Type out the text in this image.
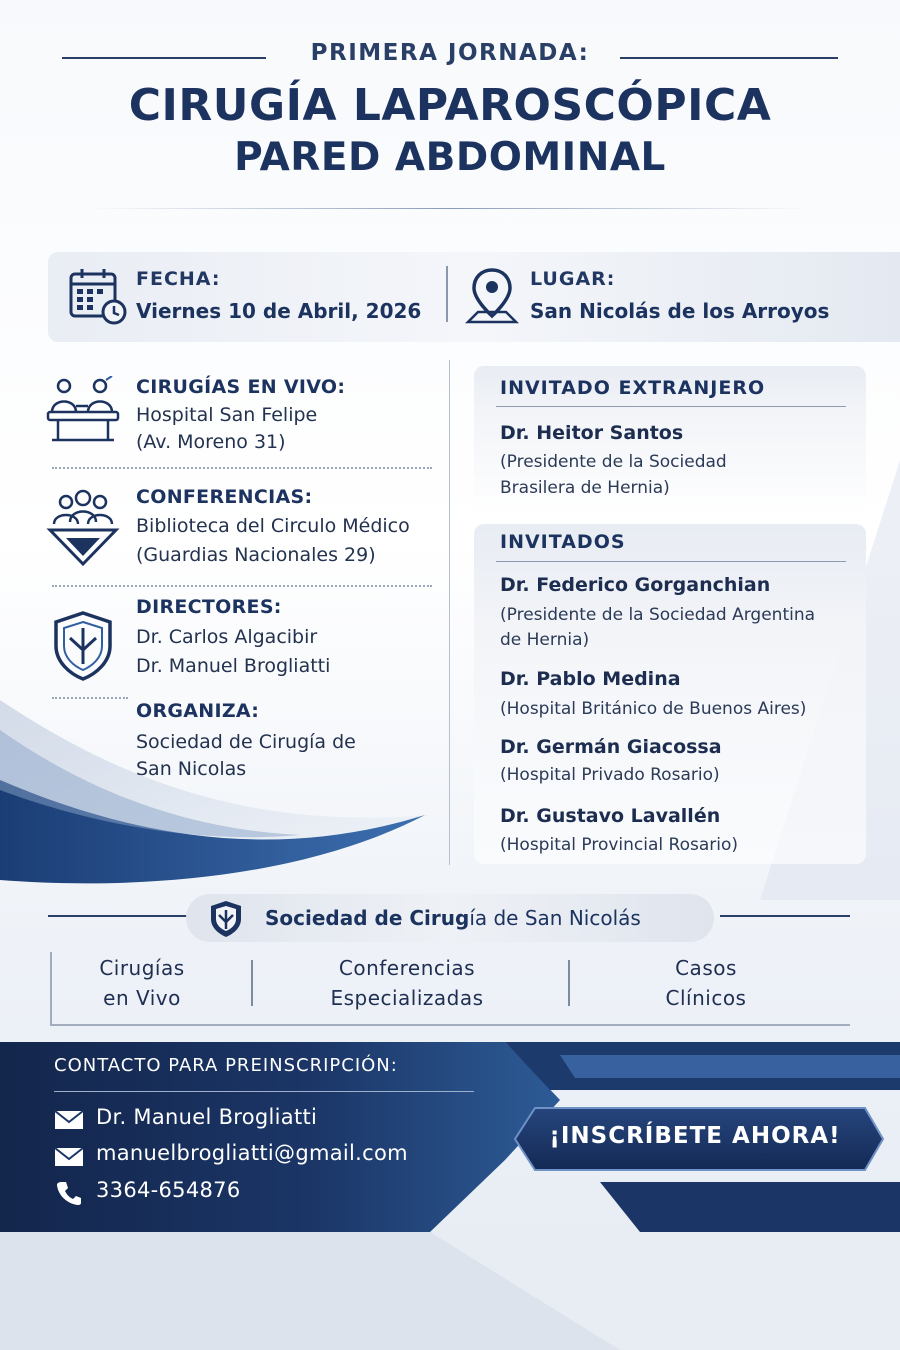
PRIMERA JORNADA:
CIRUGÍA LAPAROSCÓPICA
PARED ABDOMINAL
FECHA:
Viernes 10 de Abril, 2026
LUGAR:
San Nicolás de los Arroyos
CIRUGÍAS EN VIVO:
Hospital San Felipe
(Av. Moreno 31)
CONFERENCIAS:
Biblioteca del Circulo Médico
(Guardias Nacionales 29)
DIRECTORES:
Dr. Carlos Algacibir
Dr. Manuel Brogliatti
ORGANIZA:
Sociedad de Cirugía de
San Nicolas
INVITADO EXTRANJERO
Dr. Heitor Santos
(Presidente de la Sociedad
Brasilera de Hernia)
INVITADOS
Dr. Federico Gorganchian
(Presidente de la Sociedad Argentina
de Hernia)
Dr. Pablo Medina
(Hospital Británico de Buenos Aires)
Dr. Germán Giacossa
(Hospital Privado Rosario)
Dr. Gustavo Lavallén
(Hospital Provincial Rosario)
Sociedad de Cirugía de San Nicolás
Cirugías
en Vivo
Conferencias
Especializadas
Casos
Clínicos
CONTACTO PARA PREINSCRIPCIÓN:
Dr. Manuel Brogliatti
manuelbrogliatti@gmail.com
3364-654876
¡INSCRÍBETE AHORA!
